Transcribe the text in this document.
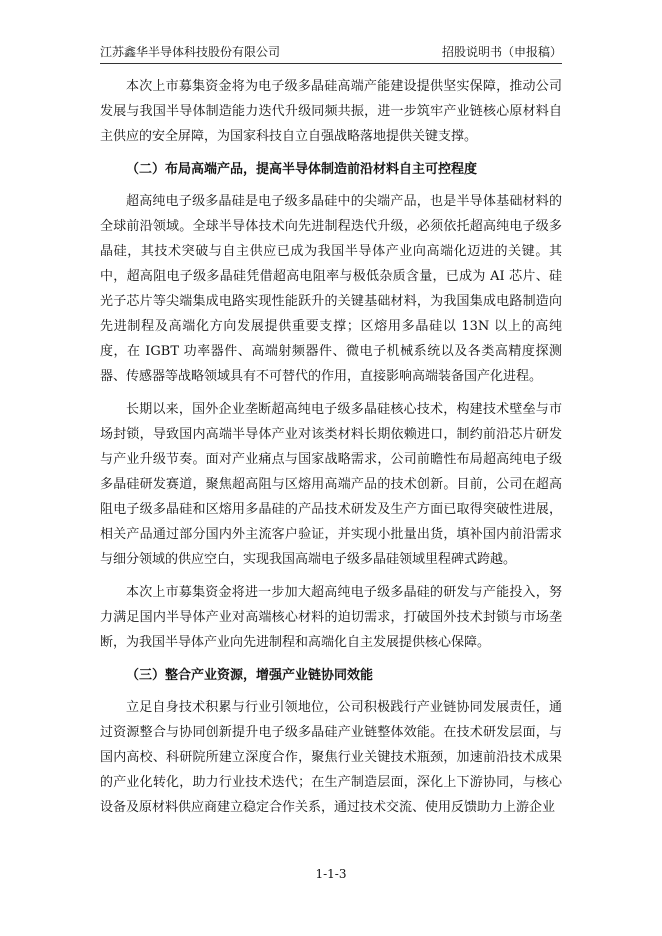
江苏鑫华半导体科技股份有限公司	招股说明书（申报稿）

本次上市募集资金将为电子级多晶硅高端产能建设提供坚实保障，推动公司发展与我国半导体制造能力迭代升级同频共振，进一步筑牢产业链核心原材料自主供应的安全屏障，为国家科技自立自强战略落地提供关键支撑。

（二）布局高端产品，提高半导体制造前沿材料自主可控程度

超高纯电子级多晶硅是电子级多晶硅中的尖端产品，也是半导体基础材料的全球前沿领域。全球半导体技术向先进制程迭代升级，必须依托超高纯电子级多晶硅，其技术突破与自主供应已成为我国半导体产业向高端化迈进的关键。其中，超高阻电子级多晶硅凭借超高电阻率与极低杂质含量，已成为 AI 芯片、硅光子芯片等尖端集成电路实现性能跃升的关键基础材料，为我国集成电路制造向先进制程及高端化方向发展提供重要支撑；区熔用多晶硅以 13N 以上的高纯度，在 IGBT 功率器件、高端射频器件、微电子机械系统以及各类高精度探测器、传感器等战略领域具有不可替代的作用，直接影响高端装备国产化进程。

长期以来，国外企业垄断超高纯电子级多晶硅核心技术，构建技术壁垒与市场封锁，导致国内高端半导体产业对该类材料长期依赖进口，制约前沿芯片研发与产业升级节奏。面对产业痛点与国家战略需求，公司前瞻性布局超高纯电子级多晶硅研发赛道，聚焦超高阻与区熔用高端产品的技术创新。目前，公司在超高阻电子级多晶硅和区熔用多晶硅的产品技术研发及生产方面已取得突破性进展，相关产品通过部分国内外主流客户验证，并实现小批量出货，填补国内前沿需求与细分领域的供应空白，实现我国高端电子级多晶硅领域里程碑式跨越。

本次上市募集资金将进一步加大超高纯电子级多晶硅的研发与产能投入，努力满足国内半导体产业对高端核心材料的迫切需求，打破国外技术封锁与市场垄断，为我国半导体产业向先进制程和高端化自主发展提供核心保障。

（三）整合产业资源，增强产业链协同效能

立足自身技术积累与行业引领地位，公司积极践行产业链协同发展责任，通过资源整合与协同创新提升电子级多晶硅产业链整体效能。在技术研发层面，与国内高校、科研院所建立深度合作，聚焦行业关键技术瓶颈，加速前沿技术成果的产业化转化，助力行业技术迭代；在生产制造层面，深化上下游协同，与核心设备及原材料供应商建立稳定合作关系，通过技术交流、使用反馈助力上游企业

1-1-3
